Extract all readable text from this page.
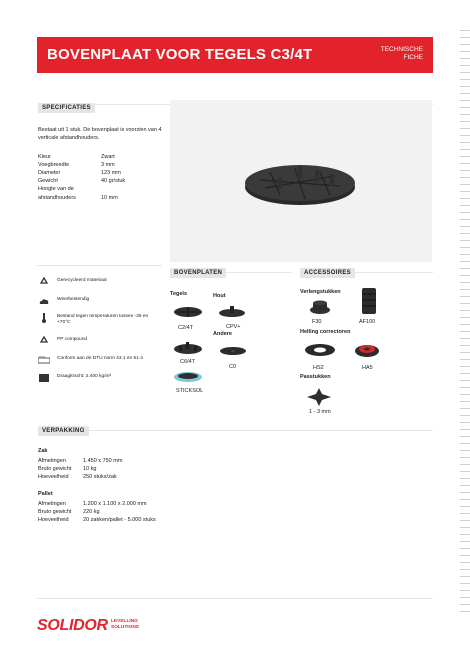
BOVENPLAAT VOOR TEGELS C3/4T	TECHNISCHE
FICHE
SPECIFICATIES
Bestaat uit 1 stuk. De bovenplaat is voorzien van 4 verticale afstandhouders.
Kleur	Zwart
Voegbreedte	3 mm
Diameter	123 mm
Gewicht	40 gr/stuk
Hoogte van de
afstandhouders	10 mm
Gerecycleerd materiaal
Weerbestendig
Bestand tegen temperaturen tussen -25 en +70°C
PP compound
DTU Conform aan de DTU norm 43.1 en 51.4
Draagkracht: 2.400 kg/m²
BOVENPLATEN
Tegels	Hout
Andere
C2/4T	CPV+
C6/4T
C0
STICKSOL
ACCESSOIRES
Verlengstukken
F30	AF100
Helling correctoren
HS2	HA5
Passtukken
1 - 3 mm
VERPAKKING
Zak
Afmetingen	1.450 x 750 mm
Bruto gewicht 10 kg
Hoeveelheid	250 stuks/zak
Pallet
Afmetingen	1.200 x 1.100 x 2.000 mm
Bruto gewicht 220 kg
Hoeveelheid	20 zakken/pallet - 5.000 stuks
SOLIDOR LEVELLING
SOLUTIONS
